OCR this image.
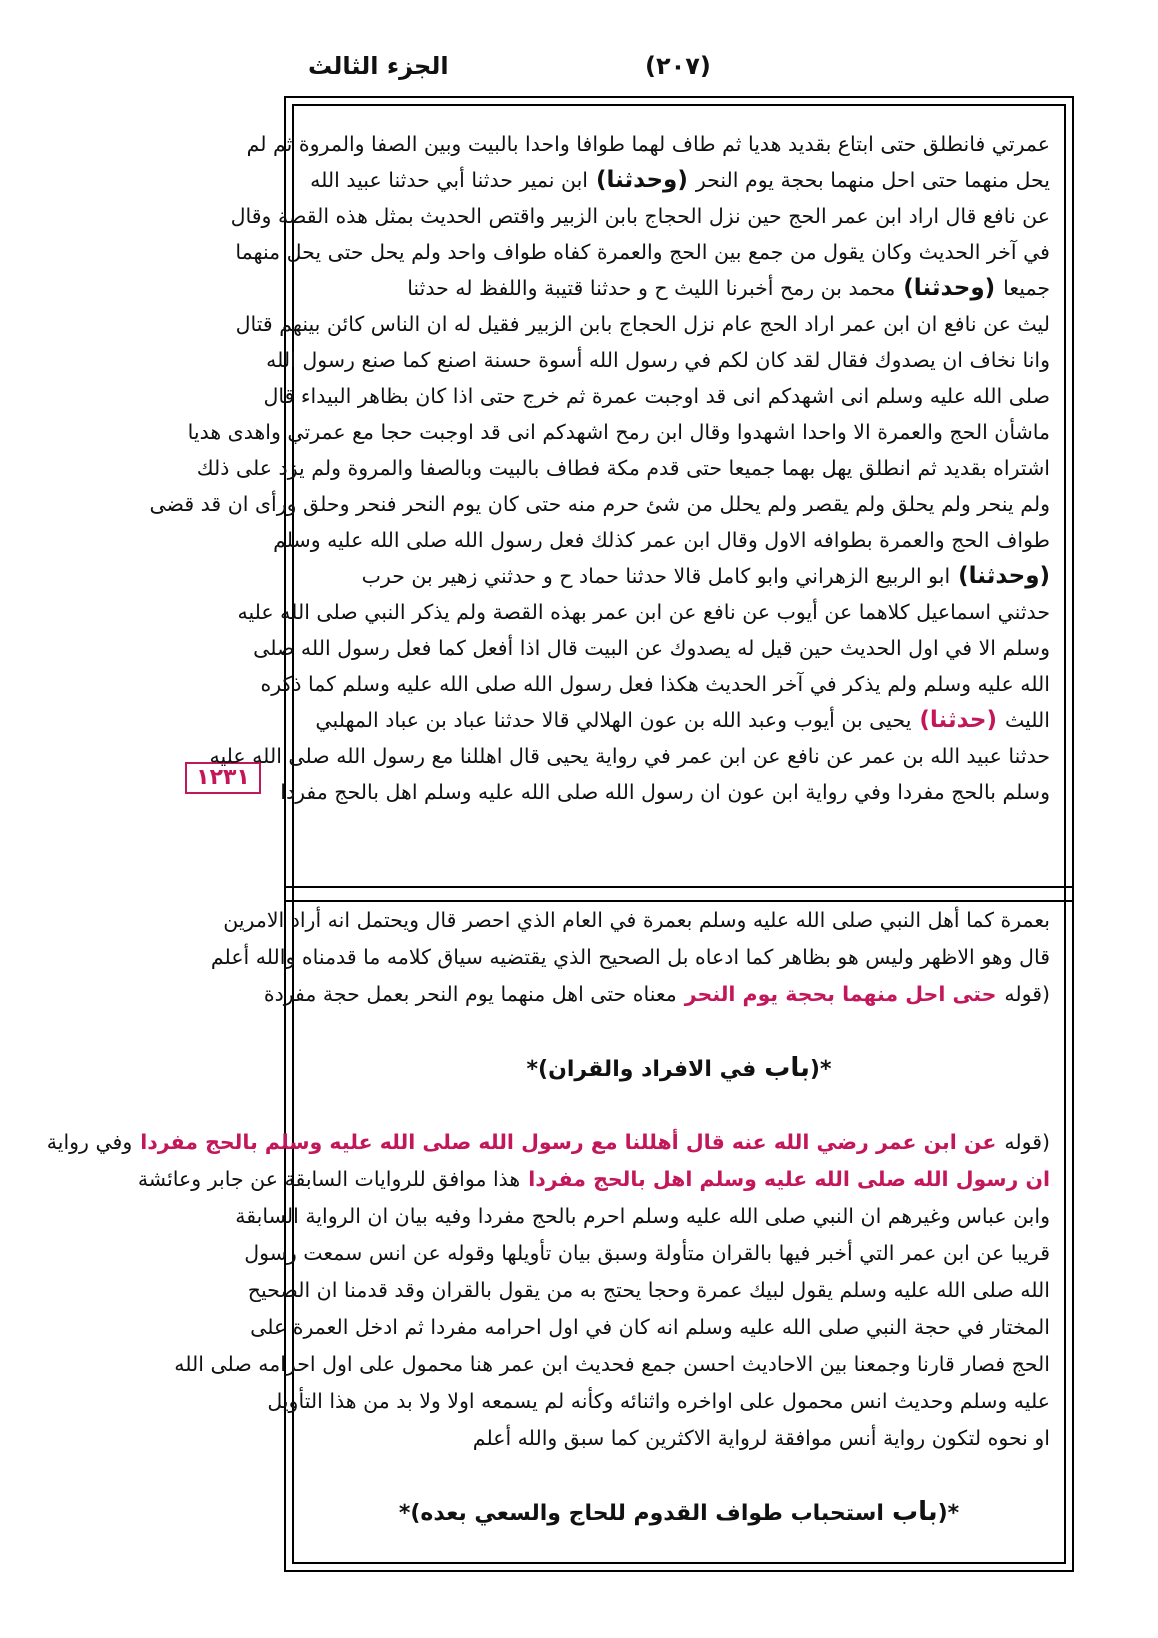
الجزء الثالث	(٢٠٧)
١٢٣١
عمرتي فانطلق حتى ابتاع بقديد هديا ثم طاف لهما طوافا واحدا بالبيت وبين الصفا والمروة ثم لم
يحل منهما حتى احل منهما بحجة يوم النحر(وحدثنا)ابن نمير حدثنا أبي حدثنا عبيد الله
عن نافع قال اراد ابن عمر الحج حين نزل الحجاج بابن الزبير واقتص الحديث بمثل هذه القصة وقال
في آخر الحديث وكان يقول من جمع بين الحج والعمرة كفاه طواف واحد ولم يحل حتى يحل منهما
جميعا(وحدثنا)محمد بن رمح أخبرنا الليث ح و حدثنا قتيبة واللفظ له حدثنا
ليث عن نافع ان ابن عمر اراد الحج عام نزل الحجاج بابن الزبير فقيل له ان الناس كائن بينهم قتال
وانا نخاف ان يصدوك فقال لقد كان لكم في رسول الله أسوة حسنة اصنع كما صنع رسول الله
صلى الله عليه وسلم انى اشهدكم انى قد اوجبت عمرة ثم خرج حتى اذا كان بظاهر البيداء قال
ماشأن الحج والعمرة الا واحدا اشهدوا وقال ابن رمح اشهدكم انى قد اوجبت حجا مع عمرتي واهدى هديا
اشتراه بقديد ثم انطلق يهل بهما جميعا حتى قدم مكة فطاف بالبيت وبالصفا والمروة ولم يزد على ذلك
ولم ينحر ولم يحلق ولم يقصر ولم يحلل من شئ حرم منه حتى كان يوم النحر فنحر وحلق ورأى ان قد قضى
طواف الحج والعمرة بطوافه الاول وقال ابن عمر كذلك فعل رسول الله صلى الله عليه وسلم
(وحدثنا)ابو الربيع الزهراني وابو كامل قالا حدثنا حماد ح و حدثني زهير بن حرب
حدثني اسماعيل كلاهما عن أيوب عن نافع عن ابن عمر بهذه القصة ولم يذكر النبي صلى الله عليه
وسلم الا في اول الحديث حين قيل له يصدوك عن البيت قال اذا أفعل كما فعل رسول الله صلى
الله عليه وسلم ولم يذكر في آخر الحديث هكذا فعل رسول الله صلى الله عليه وسلم كما ذكره
الليث(حدثنا)يحيى بن أيوب وعبد الله بن عون الهلالي قالا حدثنا عباد بن عباد المهلبي
حدثنا عبيد الله بن عمر عن نافع عن ابن عمر في رواية يحيى قال اهللنا مع رسول الله صلى الله عليه
وسلم بالحج مفردا وفي رواية ابن عون ان رسول الله صلى الله عليه وسلم اهل بالحج مفردا
بعمرة كما أهل النبي صلى الله عليه وسلم بعمرة في العام الذي احصر قال ويحتمل انه أراد الامرين
قال وهو الاظهر وليس هو بظاهر كما ادعاه بل الصحيح الذي يقتضيه سياق كلامه ما قدمناه والله أعلم
(قولهحتى احل منهما بحجة يوم النحرمعناه حتى اهل منهما يوم النحر بعمل حجة مفردة
*(بابفي الافراد والقران)*
(قولهعن ابن عمر رضي الله عنه قال أهللنا مع رسول الله صلى الله عليه وسلم بالحج مفرداوفي رواية
ان رسول الله صلى الله عليه وسلم اهل بالحج مفرداهذا موافق للروايات السابقة عن جابر وعائشة
وابن عباس وغيرهم ان النبي صلى الله عليه وسلم احرم بالحج مفردا وفيه بيان ان الرواية السابقة
قريبا عن ابن عمر التي أخبر فيها بالقران متأولة وسبق بيان تأويلها وقوله عن انس سمعت رسول
الله صلى الله عليه وسلم يقول لبيك عمرة وحجا يحتج به من يقول بالقران وقد قدمنا ان الصحيح
المختار في حجة النبي صلى الله عليه وسلم انه كان في اول احرامه مفردا ثم ادخل العمرة على
الحج فصار قارنا وجمعنا بين الاحاديث احسن جمع فحديث ابن عمر هنا محمول على اول احرامه صلى الله
عليه وسلم وحديث انس محمول على اواخره واثنائه وكأنه لم يسمعه اولا ولا بد من هذا التأويل
او نحوه لتكون رواية أنس موافقة لرواية الاكثرين كما سبق والله أعلم
*(باباستحباب طواف القدوم للحاج والسعي بعده)*
